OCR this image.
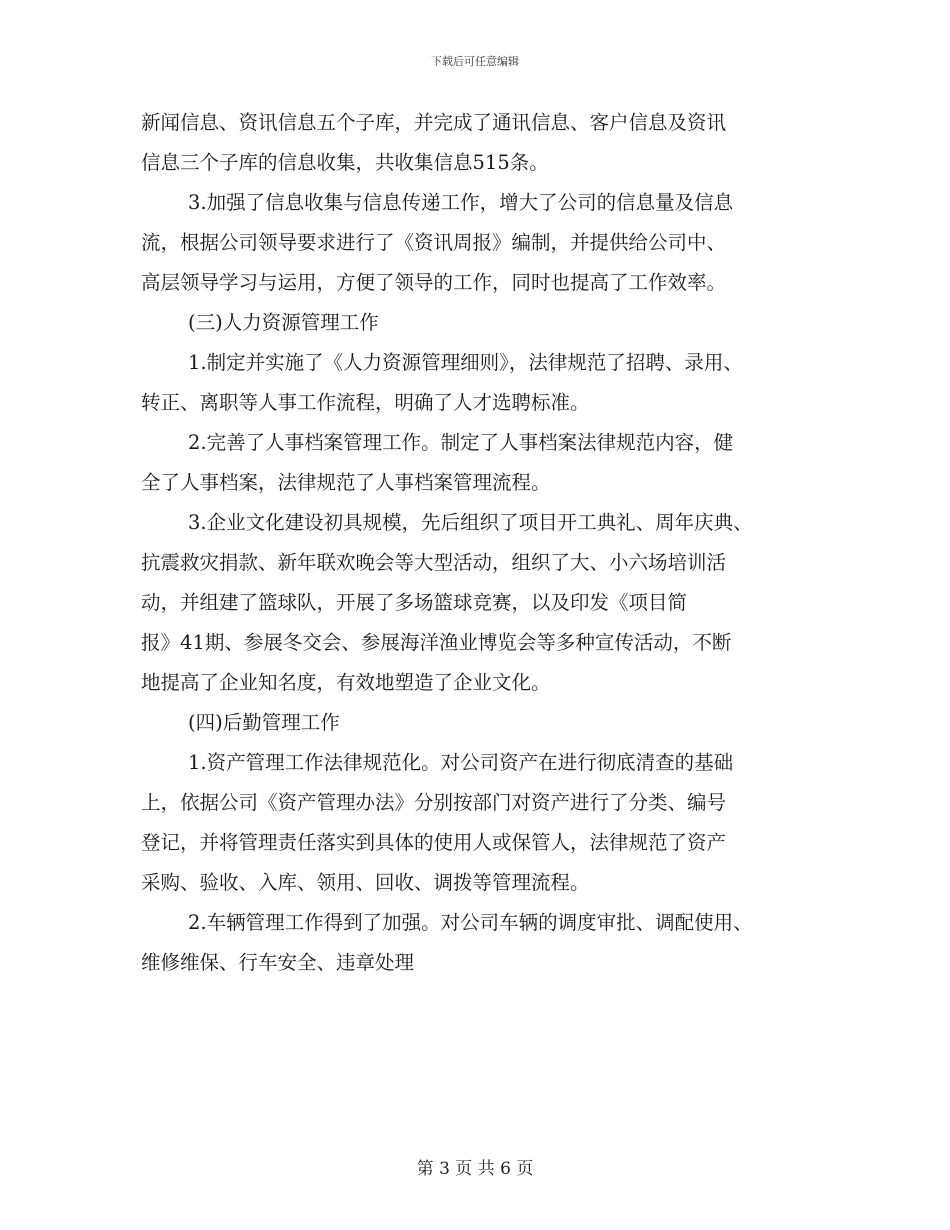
下载后可任意编辑
新闻信息、资讯信息五个子库，并完成了通讯信息、客户信息及资讯
信息三个子库的信息收集，共收集信息515条。
3.加强了信息收集与信息传递工作，增大了公司的信息量及信息
流，根据公司领导要求进行了《资讯周报》编制，并提供给公司中、
高层领导学习与运用，方便了领导的工作，同时也提高了工作效率。
(三)人力资源管理工作
1.制定并实施了《人力资源管理细则》，法律规范了招聘、录用、
转正、离职等人事工作流程，明确了人才选聘标准。
2.完善了人事档案管理工作。制定了人事档案法律规范内容，健
全了人事档案，法律规范了人事档案管理流程。
3.企业文化建设初具规模，先后组织了项目开工典礼、周年庆典、
抗震救灾捐款、新年联欢晚会等大型活动，组织了大、小六场培训活
动，并组建了篮球队，开展了多场篮球竞赛，以及印发《项目简
报》41期、参展冬交会、参展海洋渔业博览会等多种宣传活动，不断
地提高了企业知名度，有效地塑造了企业文化。
(四)后勤管理工作
1.资产管理工作法律规范化。对公司资产在进行彻底清查的基础
上，依据公司《资产管理办法》分别按部门对资产进行了分类、编号
登记，并将管理责任落实到具体的使用人或保管人，法律规范了资产
采购、验收、入库、领用、回收、调拨等管理流程。
2.车辆管理工作得到了加强。对公司车辆的调度审批、调配使用、
维修维保、行车安全、违章处理
第 3 页 共 6 页
